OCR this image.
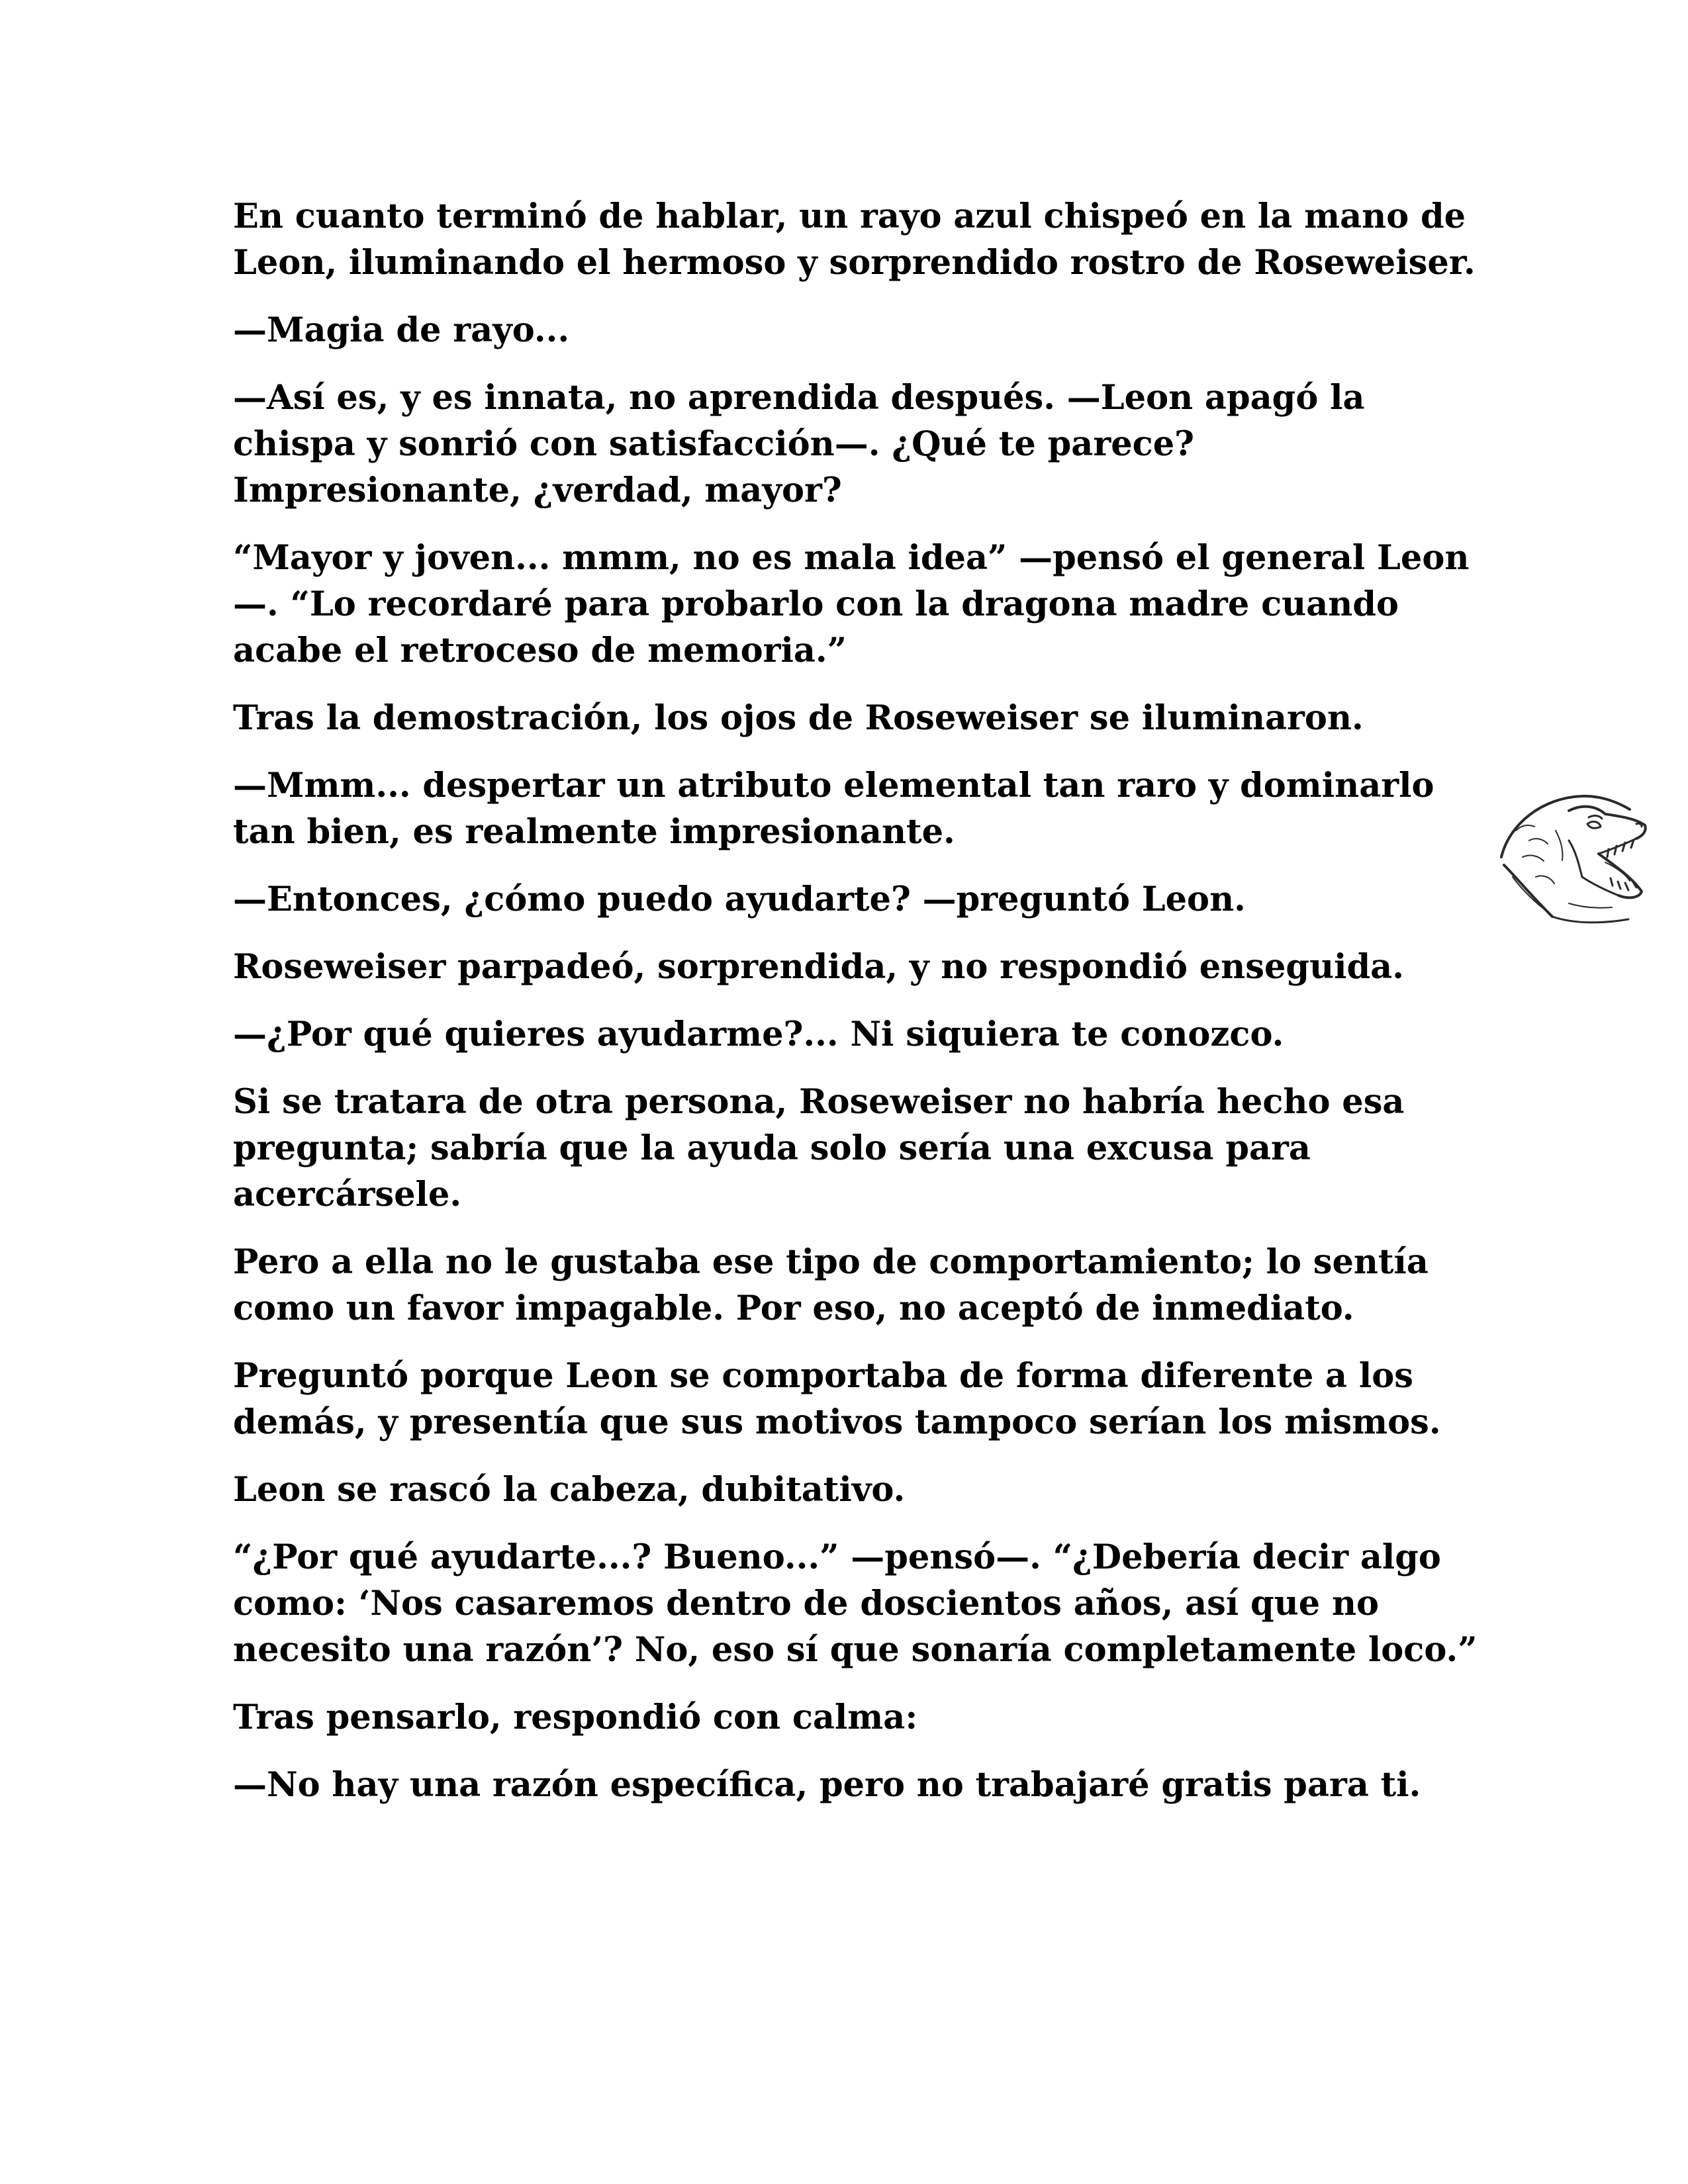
En cuanto terminó de hablar, un rayo azul chispeó en la mano de Leon, iluminando el hermoso y sorprendido rostro de Roseweiser.

—Magia de rayo...

—Así es, y es innata, no aprendida después. —Leon apagó la chispa y sonrió con satisfacción—. ¿Qué te parece? Impresionante, ¿verdad, mayor?

“Mayor y joven... mmm, no es mala idea” —pensó el general Leon—. “Lo recordaré para probarlo con la dragona madre cuando acabe el retroceso de memoria.”

Tras la demostración, los ojos de Roseweiser se iluminaron.

—Mmm... despertar un atributo elemental tan raro y dominarlo tan bien, es realmente impresionante.

—Entonces, ¿cómo puedo ayudarte? —preguntó Leon.

Roseweiser parpadeó, sorprendida, y no respondió enseguida.

—¿Por qué quieres ayudarme?... Ni siquiera te conozco.

Si se tratara de otra persona, Roseweiser no habría hecho esa pregunta; sabría que la ayuda solo sería una excusa para acercársele.

Pero a ella no le gustaba ese tipo de comportamiento; lo sentía como un favor impagable. Por eso, no aceptó de inmediato.

Preguntó porque Leon se comportaba de forma diferente a los demás, y presentía que sus motivos tampoco serían los mismos.

Leon se rascó la cabeza, dubitativo.

“¿Por qué ayudarte...? Bueno...” —pensó—. “¿Debería decir algo como: ‘Nos casaremos dentro de doscientos años, así que no necesito una razón’? No, eso sí que sonaría completamente loco.”

Tras pensarlo, respondió con calma:

—No hay una razón específica, pero no trabajaré gratis para ti.
